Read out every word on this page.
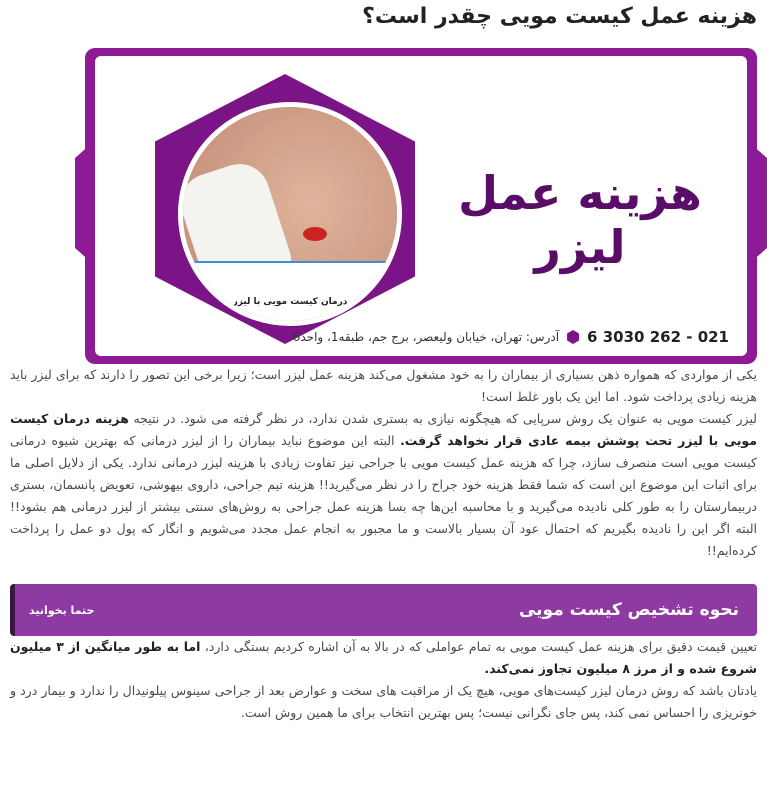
هزینه عمل کیست مویی چقدر است؟
درمان کیست مویی با لیزر
هزینه عمل لیزر
021 - 262 3030 6
آدرس: تهران، خیابان ولیعصر، برج جم، طبقه1، واحد6

یکی از مواردی که همواره ذهن بسیاری از بیماران را به خود مشغول می‌کند هزینه عمل لیزر است؛ زیرا برخی این تصور را دارند که برای لیزر باید هزینه زیادی پرداخت شود. اما این یک باور غلط است!

لیزر کیست مویی به عنوان یک روش سرپایی که هیچگونه نیازی به بستری شدن ندارد، در نظر گرفته می شود. در نتیجه هزینه درمان کیست مویی با لیزر تحت پوشش بیمه عادی قرار نخواهد گرفت. البته این موضوع نباید بیماران را از لیزر درمانی که بهترین شیوه درمانی کیست مویی است منصرف سازد، چرا که هزینه عمل کیست مویی با جراحی نیز تفاوت زیادی با هزینه لیزر درمانی ندارد. یکی از دلایل اصلی ما برای اثبات این موضوع این است که شما فقط هزینه خود جراح را در نظر می‌گیرید!! هزینه تیم جراحی، داروی بیهوشی، تعویض پانسمان، بستری دربیمارستان را به طور کلی نادیده می‌گیرید و با محاسبه این‌ها چه بسا هزینه عمل جراحی به روش‌های سنتی بیشتر از لیزر درمانی هم بشود!! البته اگر این را نادیده بگیریم که احتمال عود آن بسیار بالاست و ما مجبور به انجام عمل مجدد می‌شویم و انگار که پول دو عمل را پرداخت کرده‌ایم!!

نحوه تشخیص کیست مویی
حتما بخوانید

تعیین قیمت دقیق برای هزینه عمل کیست مویی به تمام عواملی که در بالا به آن اشاره کردیم بستگی دارد، اما به طور میانگین از ۳ میلیون شروع شده و از مرز ۸ میلیون تجاوز نمی‌کند.

یادتان باشد که روش درمان لیزر کیست‌های مویی، هیچ یک از مراقبت های سخت و عوارض بعد از جراحی سینوس پیلونیدال را ندارد و بیمار درد و خونریزی را احساس نمی کند، پس جای نگرانی نیست؛ پس بهترین انتخاب برای ما همین روش است.
